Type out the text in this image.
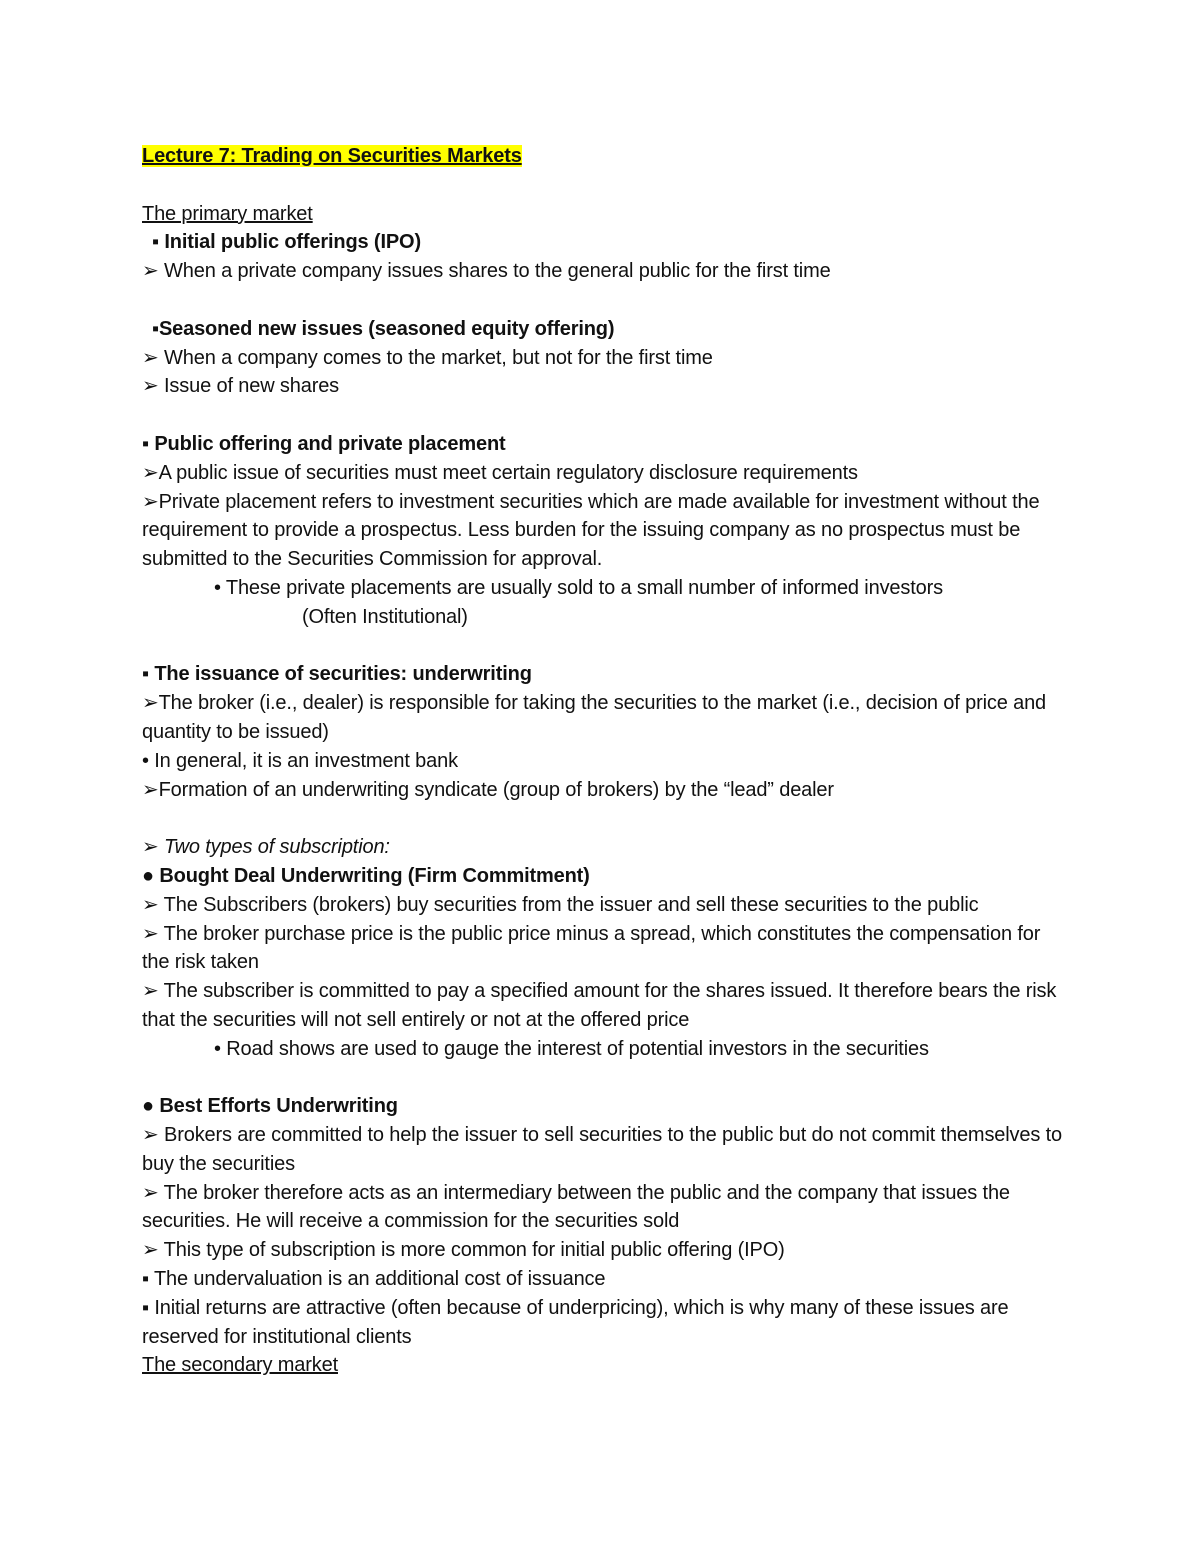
Lecture 7: Trading on Securities Markets
The primary market
▪ Initial public offerings (IPO)
➢ When a private company issues shares to the general public for the first time
▪Seasoned new issues (seasoned equity offering)
➢ When a company comes to the market, but not for the first time
➢ Issue of new shares
▪ Public offering and private placement
➢A public issue of securities must meet certain regulatory disclosure requirements
➢Private placement refers to investment securities which are made available for investment without the requirement to provide a prospectus. Less burden for the issuing company as no prospectus must be submitted to the Securities Commission for approval.
• These private placements are usually sold to a small number of informed investors
(Often Institutional)
▪ The issuance of securities: underwriting
➢The broker (i.e., dealer) is responsible for taking the securities to the market (i.e., decision of price and quantity to be issued)
• In general, it is an investment bank
➢Formation of an underwriting syndicate (group of brokers) by the “lead” dealer
➢ Two types of subscription:
● Bought Deal Underwriting (Firm Commitment)
➢ The Subscribers (brokers) buy securities from the issuer and sell these securities to the public
➢ The broker purchase price is the public price minus a spread, which constitutes the compensation for the risk taken
➢ The subscriber is committed to pay a specified amount for the shares issued. It therefore bears the risk that the securities will not sell entirely or not at the offered price
• Road shows are used to gauge the interest of potential investors in the securities
● Best Efforts Underwriting
➢ Brokers are committed to help the issuer to sell securities to the public but do not commit themselves to buy the securities
➢ The broker therefore acts as an intermediary between the public and the company that issues the securities. He will receive a commission for the securities sold
➢ This type of subscription is more common for initial public offering (IPO)
▪ The undervaluation is an additional cost of issuance
▪ Initial returns are attractive (often because of underpricing), which is why many of these issues are reserved for institutional clients
The secondary market
